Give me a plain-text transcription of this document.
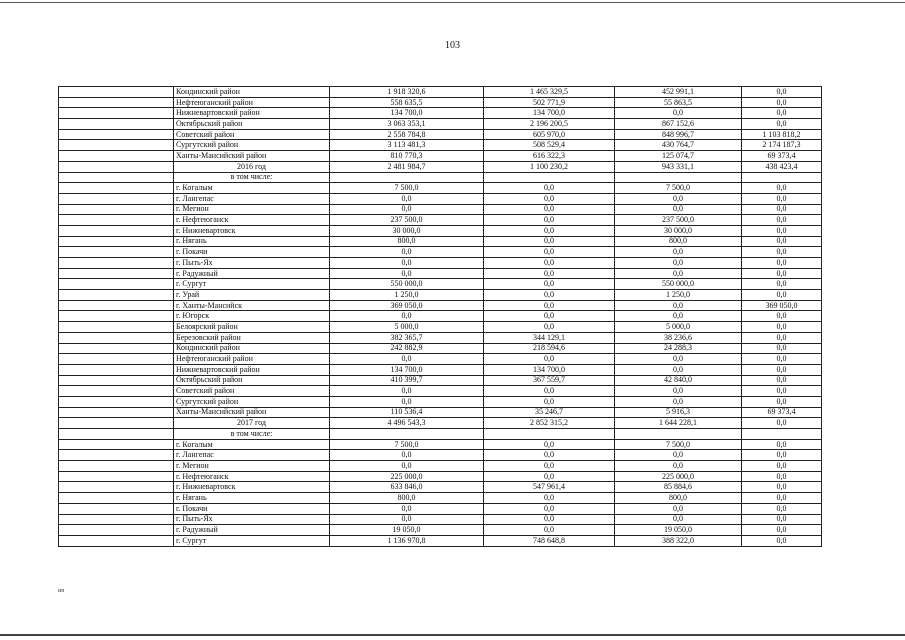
103
	Кондинский район	1 918 320,6	1 465 329,5	452 991,1	0,0
	Нефтеюганский район	558 635,5	502 771,9	55 863,5	0,0
	Нижневартовский район	134 700,0	134 700,0	0,0	0,0
	Октябрьский район	3 063 353,1	2 196 200,5	867 152,6	0,0
	Советский район	2 558 784,8	605 970,0	848 996,7	1 103 818,2
	Сургутский район	3 113 481,3	508 529,4	430 764,7	2 174 187,3
	Ханты-Мансийский район	810 770,3	616 322,3	125 074,7	69 373,4
	2016 год	2 481 984,7	1 100 230,2	943 331,1	438 423,4
	в том числе:				
	г. Когалым	7 500,0	0,0	7 500,0	0,0
	г. Лангепас	0,0	0,0	0,0	0,0
	г. Мегион	0,0	0,0	0,0	0,0
	г. Нефтеюганск	237 500,0	0,0	237 500,0	0,0
	г. Нижневартовск	30 000,0	0,0	30 000,0	0,0
	г. Нягань	800,0	0,0	800,0	0,0
	г. Покачи	0,0	0,0	0,0	0,0
	г. Пыть-Ях	0,0	0,0	0,0	0,0
	г. Радужный	0,0	0,0	0,0	0,0
	г. Сургут	550 000,0	0,0	550 000,0	0,0
	г. Урай	1 250,0	0,0	1 250,0	0,0
	г. Ханты-Мансийск	369 050,0	0,0	0,0	369 050,0
	г. Югорск	0,0	0,0	0,0	0,0
	Белоярский район	5 000,0	0,0	5 000,0	0,0
	Березовский район	382 365,7	344 129,1	38 236,6	0,0
	Кондинский район	242 882,9	218 594,6	24 288,3	0,0
	Нефтеюганский район	0,0	0,0	0,0	0,0
	Нижневартовский район	134 700,0	134 700,0	0,0	0,0
	Октябрьский район	410 399,7	367 559,7	42 840,0	0,0
	Советский район	0,0	0,0	0,0	0,0
	Сургутский район	0,0	0,0	0,0	0,0
	Ханты-Мансийский район	110 536,4	35 246,7	5 916,3	69 373,4
	2017 год	4 496 543,3	2 852 315,2	1 644 228,1	0,0
	в том числе:				
	г. Когалым	7 500,0	0,0	7 500,0	0,0
	г. Лангепас	0,0	0,0	0,0	0,0
	г. Мегион	0,0	0,0	0,0	0,0
	г. Нефтеюганск	225 000,0	0,0	225 000,0	0,0
	г. Нижневартовск	633 846,0	547 961,4	85 884,6	0,0
	г. Нягань	800,0	0,0	800,0	0,0
	г. Покачи	0,0	0,0	0,0	0,0
	г. Пыть-Ях	0,0	0,0	0,0	0,0
	г. Радужный	19 050,0	0,0	19 050,0	0,0
	г. Сургут	1 136 970,8	748 648,8	388 322,0	0,0
ип
